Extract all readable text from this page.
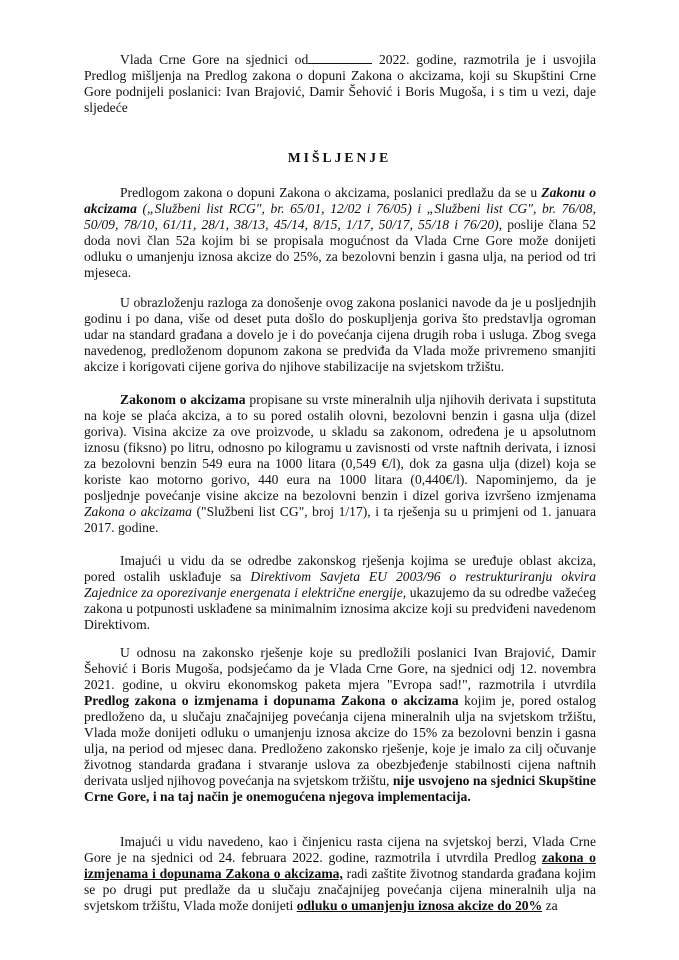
Vlada Crne Gore na sjednici od	2022. godine, razmotrila je i usvojila Predlog mišljenja na Predlog zakona o dopuni Zakona o akcizama, koji su Skupštini Crne Gore podnijeli poslanici: Ivan Brajović, Damir Šehović i Boris Mugoša, i s tim u vezi, daje sljedeće

MIŠLJENJE

Predlogom zakona o dopuni Zakona o akcizama, poslanici predlažu da se u Zakonu o akcizama („Službeni list RCG", br. 65/01, 12/02 i 76/05) i „Službeni list CG", br. 76/08, 50/09, 78/10, 61/11, 28/1, 38/13, 45/14, 8/15, 1/17, 50/17, 55/18 i 76/20), poslije člana 52 doda novi član 52a kojim bi se propisala mogućnost da Vlada Crne Gore može donijeti odluku o umanjenju iznosa akcize do 25%, za bezolovni benzin i gasna ulja, na period od tri mjeseca.

U obrazloženju razloga za donošenje ovog zakona poslanici navode da je u posljednjih godinu i po dana, više od deset puta došlo do poskupljenja goriva što predstavlja ogroman udar na standard građana a dovelo je i do povećanja cijena drugih roba i usluga. Zbog svega navedenog, predloženom dopunom zakona se predviđa da Vlada može privremeno smanjiti akcize i korigovati cijene goriva do njihove stabilizacije na svjetskom tržištu.

Zakonom o akcizama propisane su vrste mineralnih ulja njihovih derivata i supstituta na koje se plaća akciza, a to su pored ostalih olovni, bezolovni benzin i gasna ulja (dizel goriva). Visina akcize za ove proizvode, u skladu sa zakonom, određena je u apsolutnom iznosu (fiksno) po litru, odnosno po kilogramu u zavisnosti od vrste naftnih derivata, i iznosi za bezolovni benzin 549 eura na 1000 litara (0,549 €/l), dok za gasna ulja (dizel) koja se koriste kao motorno gorivo, 440 eura na 1000 litara (0,440€/l). Napominjemo, da je posljednje povećanje visine akcize na bezolovni benzin i dizel goriva izvršeno izmjenama Zakona o akcizama ("Službeni list CG", broj 1/17), i ta rješenja su u primjeni od 1. januara 2017. godine.

Imajući u vidu da se odredbe zakonskog rješenja kojima se uređuje oblast akciza, pored ostalih usklađuje sa Direktivom Savjeta EU 2003/96 o restrukturiranju okvira Zajednice za oporezivanje energenata i električne energije, ukazujemo da su odredbe važećeg zakona u potpunosti usklađene sa minimalnim iznosima akcize koji su predviđeni navedenom Direktivom.

U odnosu na zakonsko rješenje koje su predložili poslanici Ivan Brajović, Damir Šehović i Boris Mugoša, podsjećamo da je Vlada Crne Gore, na sjednici odj 12. novembra 2021. godine, u okviru ekonomskog paketa mjera "Evropa sad!", razmotrila i utvrdila Predlog zakona o izmjenama i dopunama Zakona o akcizama kojim je, pored ostalog predloženo da, u slučaju značajnijeg povećanja cijena mineralnih ulja na svjetskom tržištu, Vlada može donijeti odluku o umanjenju iznosa akcize do 15% za bezolovni benzin i gasna ulja, na period od mjesec dana. Predloženo zakonsko rješenje, koje je imalo za cilj očuvanje životnog standarda građana i stvaranje uslova za obezbjeđenje stabilnosti cijena naftnih derivata usljed njihovog povećanja na svjetskom tržištu, nije usvojeno na sjednici Skupštine Crne Gore, i na taj način je onemogućena njegova implementacija.

Imajući u vidu navedeno, kao i činjenicu rasta cijena na svjetskoj berzi, Vlada Crne Gore je na sjednici od 24. februara 2022. godine, razmotrila i utvrdila Predlog zakona o izmjenama i dopunama Zakona o akcizama, radi zaštite životnog standarda građana kojim se po drugi put predlaže da u slučaju značajnijeg povećanja cijena mineralnih ulja na svjetskom tržištu, Vlada može donijeti odluku o umanjenju iznosa akcize do 20% za
